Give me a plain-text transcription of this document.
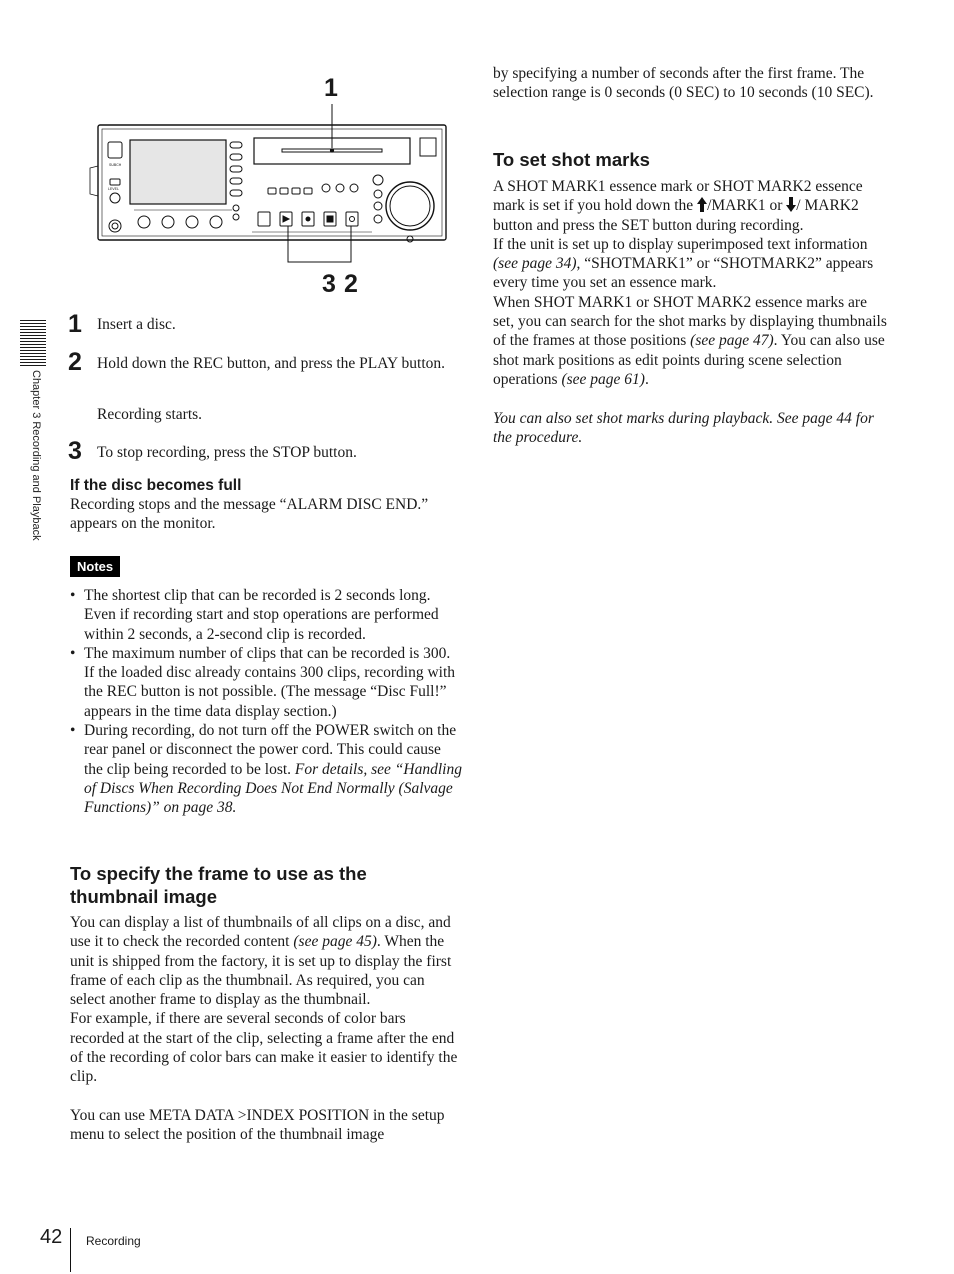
Chapter 3 Recording and Playback
SUBCH
LEVEL
1
3 2
1 Insert a disc.

2 Hold down the REC button, and press the PLAY button.

Recording starts.

3 To stop recording, press the STOP button.

If the disc becomes full

Recording stops and the message “ALARM DISC END.” appears on the monitor.

Notes
• The shortest clip that can be recorded is 2 seconds long. Even if recording start and stop operations are performed within 2 seconds, a 2-second clip is recorded.
• The maximum number of clips that can be recorded is 300. If the loaded disc already contains 300 clips, recording with the REC button is not possible. (The message “Disc Full!” appears in the time data display section.)
• During recording, do not turn off the POWER switch on the rear panel or disconnect the power cord. This could cause the clip being recorded to be lost. For details, see “Handling of Discs When Recording Does Not End Normally (Salvage Functions)” on page 38.
To specify the frame to use as the thumbnail image

You can display a list of thumbnails of all clips on a disc, and use it to check the recorded content (see page 45). When the unit is shipped from the factory, it is set up to display the first frame of each clip as the thumbnail. As required, you can select another frame to display as the thumbnail.

For example, if there are several seconds of color bars recorded at the start of the clip, selecting a frame after the end of the recording of color bars can make it easier to identify the clip.

You can use META DATA >INDEX POSITION in the setup menu to select the position of the thumbnail image

by specifying a number of seconds after the first frame. The selection range is 0 seconds (0 SEC) to 10 seconds (10 SEC).

To set shot marks

A SHOT MARK1 essence mark or SHOT MARK2 essence mark is set if you hold down the /MARK1 or / MARK2 button and press the SET button during recording.

If the unit is set up to display superimposed text information (see page 34), “SHOTMARK1” or “SHOTMARK2” appears every time you set an essence mark.

When SHOT MARK1 or SHOT MARK2 essence marks are set, you can search for the shot marks by displaying thumbnails of the frames at those positions (see page 47). You can also use shot mark positions as edit points during scene selection operations (see page 61).

You can also set shot marks during playback. See page 44 for the procedure.

42 Recording
